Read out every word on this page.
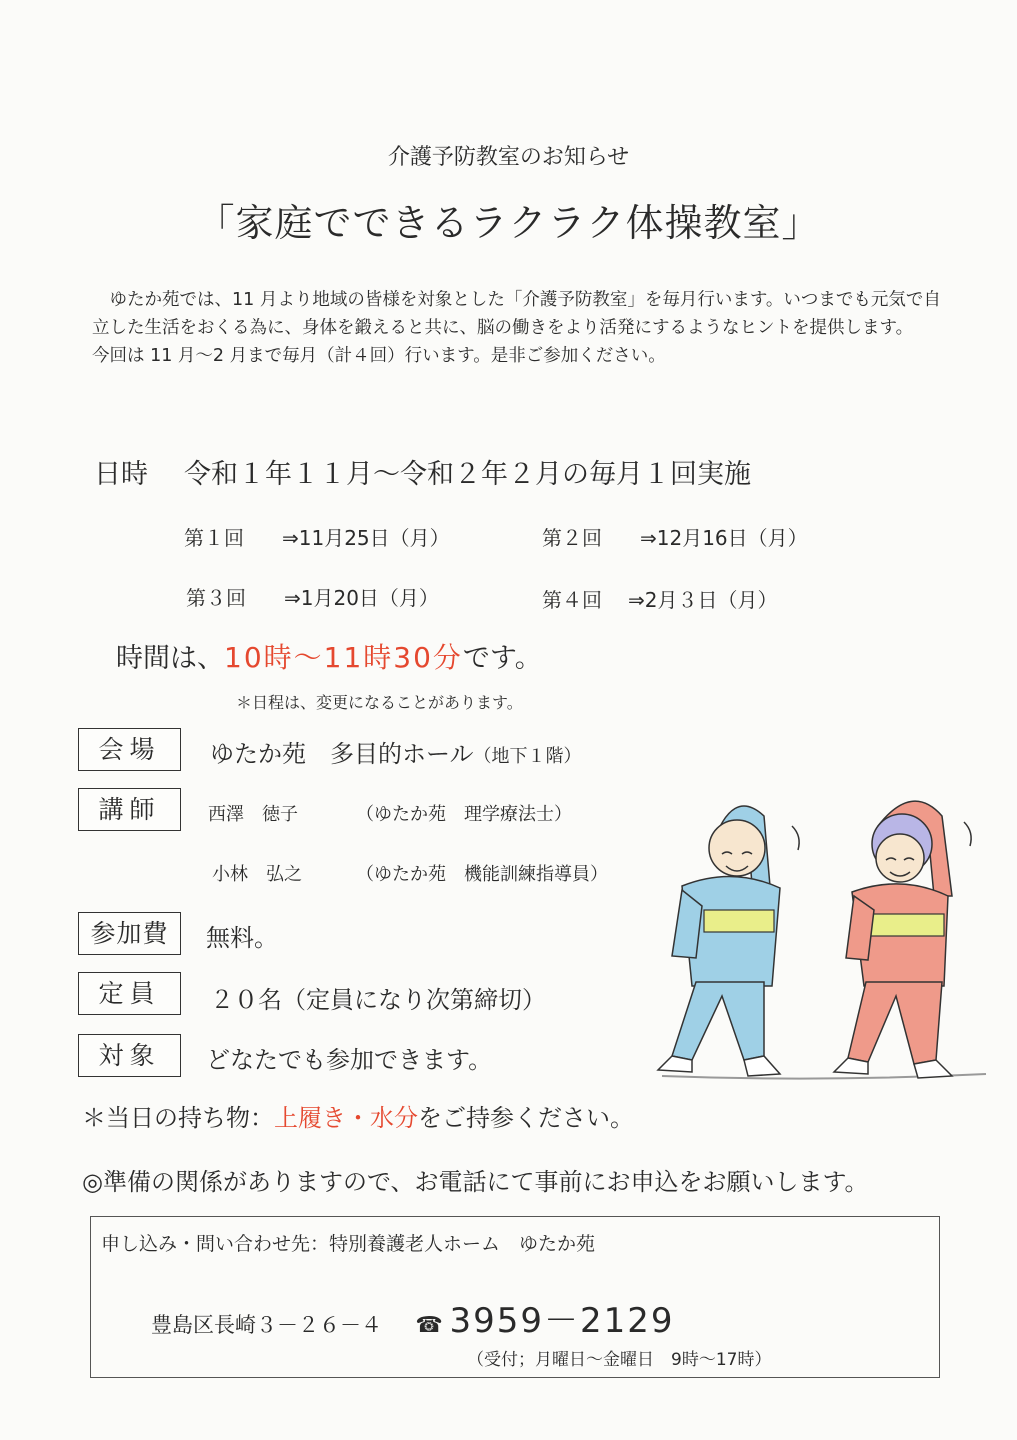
介護予防教室のお知らせ
「家庭でできるラクラク体操教室」

ゆたか苑では、11 月より地域の皆様を対象とした「介護予防教室」を毎月行います。いつまでも元気で自立した生活をおくる為に、身体を鍛えると共に、脳の働きをより活発にするようなヒントを提供します。

今回は 11 月～2 月まで毎月（計４回）行います。是非ご参加ください。

日時 令和１年１１月～令和２年２月の毎月１回実施
第１回 ⇒11月25日（月）	第２回 ⇒12月16日（月）
第３回 ⇒1月20日（月）	第４回 ⇒2月３日（月）
時間は、10時～11時30分です。
＊日程は、変更になることがあります。
会場	ゆたか苑　多目的ホール（地下１階）
講師	西澤　徳子	（ゆたか苑　理学療法士）
小林　弘之	（ゆたか苑　機能訓練指導員）
参加費	無料。
定員	２０名（定員になり次第締切）
対象	どなたでも参加できます。
＊当日の持ち物：上履き・水分をご持参ください。
◎準備の関係がありますので、お電話にて事前にお申込をお願いします。
申し込み・問い合わせ先：特別養護老人ホーム　ゆたか苑
豊島区長崎３－２６－４ ☎ 3959－2129
（受付；月曜日～金曜日　9時～17時）
